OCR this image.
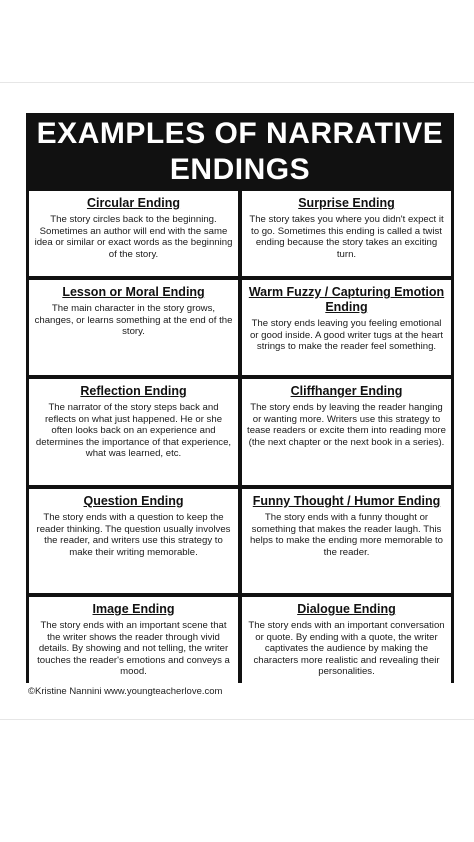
EXAMPLES OF NARRATIVE
ENDINGS
Circular Ending
The story circles back to the beginning. Sometimes an author will end with the same idea or similar or exact words as the beginning of the story.
Surprise Ending
The story takes you where you didn't expect it to go. Sometimes this ending is called a twist ending because the story takes an exciting turn.
Lesson or Moral Ending
The main character in the story grows, changes, or learns something at the end of the story.
Warm Fuzzy / Capturing Emotion Ending
The story ends leaving you feeling emotional or good inside. A good writer tugs at the heart strings to make the reader feel something.
Reflection Ending
The narrator of the story steps back and reflects on what just happened. He or she often looks back on an experience and determines the importance of that experience, what was learned, etc.
Cliffhanger Ending
The story ends by leaving the reader hanging or wanting more. Writers use this strategy to tease readers or excite them into reading more (the next chapter or the next book in a series).
Question Ending
The story ends with a question to keep the reader thinking. The question usually involves the reader, and writers use this strategy to make their writing memorable.
Funny Thought / Humor Ending
The story ends with a funny thought or something that makes the reader laugh. This helps to make the ending more memorable to the reader.
Image Ending
The story ends with an important scene that the writer shows the reader through vivid details. By showing and not telling, the writer touches the reader's emotions and conveys a mood.
Dialogue Ending
The story ends with an important conversation or quote. By ending with a quote, the writer captivates the audience by making the characters more realistic and revealing their personalities.
©Kristine Nannini www.youngteacherlove.com
